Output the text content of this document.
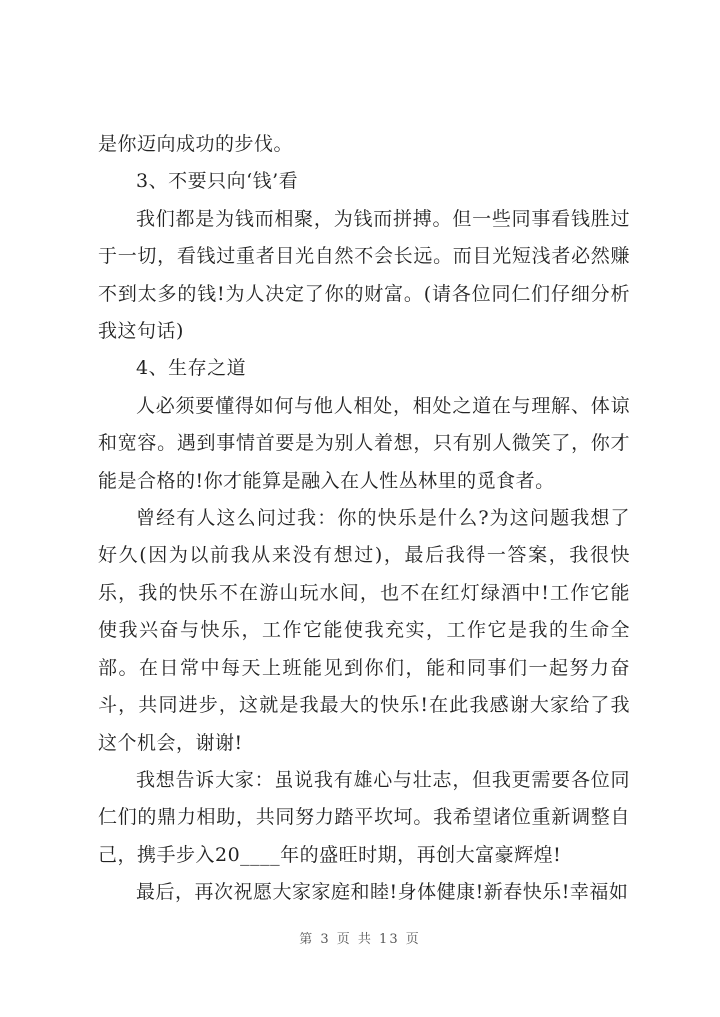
是你迈向成功的步伐。

3、不要只向‘钱’看

我们都是为钱而相聚，为钱而拼搏。但一些同事看钱胜过于一切，看钱过重者目光自然不会长远。而目光短浅者必然赚不到太多的钱!为人决定了你的财富。(请各位同仁们仔细分析我这句话)

4、生存之道

人必须要懂得如何与他人相处，相处之道在与理解、体谅和宽容。遇到事情首要是为别人着想，只有别人微笑了，你才能是合格的!你才能算是融入在人性丛林里的觅食者。

曾经有人这么问过我：你的快乐是什么?为这问题我想了好久(因为以前我从来没有想过)，最后我得一答案，我很快乐，我的快乐不在游山玩水间，也不在红灯绿酒中!工作它能使我兴奋与快乐，工作它能使我充实，工作它是我的生命全部。在日常中每天上班能见到你们，能和同事们一起努力奋斗，共同进步，这就是我最大的快乐!在此我感谢大家给了我这个机会，谢谢!

我想告诉大家：虽说我有雄心与壮志，但我更需要各位同仁们的鼎力相助，共同努力踏平坎坷。我希望诸位重新调整自己，携手步入20____年的盛旺时期，再创大富豪辉煌!

最后，再次祝愿大家家庭和睦!身体健康!新春快乐!幸福如

第 3 页 共 13 页
